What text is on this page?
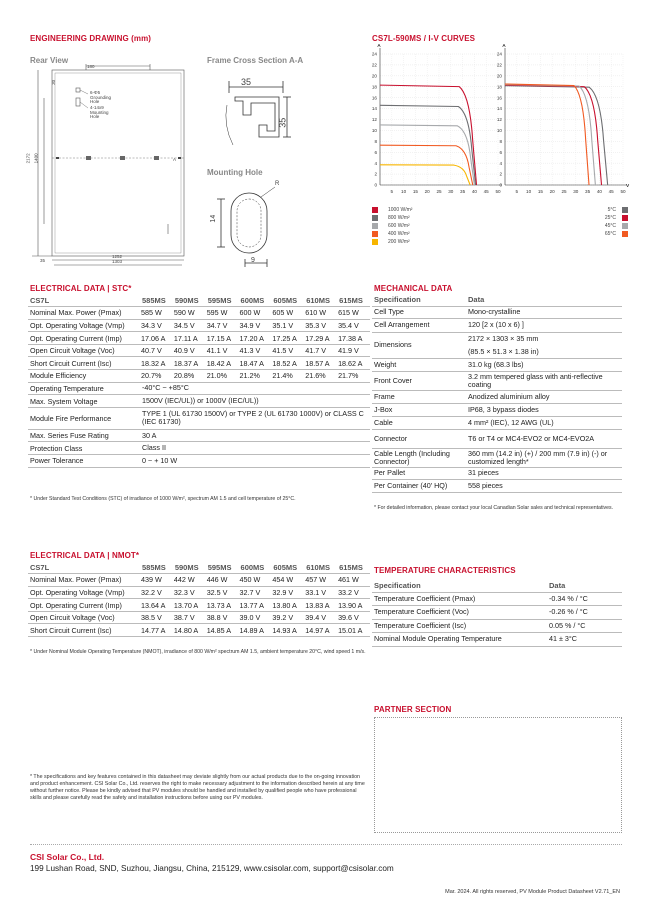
ENGINEERING DRAWING (mm)
Rear View	Frame Cross Section A-A
Mounting Hole
180
30
6-Φ5
Grounding
Hole
4-14x9
Mounting
Hole
2172 1400
1252
1303
35
A
35
35
14
9
R
CS7L-590MS / I-V CURVES
24
22
20
18
16
14
12
10
8
6
4
2
0
5 10 15 20 25 30 35 40 45 50
A
24
22
20
18
16
14
12
10
8
6
4
2
0
5 10 15 20 25 30 35 40 45 50
A
V
1000 W/m²
800 W/m²
600 W/m²
400 W/m²
200 W/m²
5°C
25°C
45°C
65°C
ELECTRICAL DATA | STC*
CS7L	585MS	590MS	595MS	600MS	605MS	610MS	615MS
Nominal Max. Power (Pmax)	585 W	590 W	595 W	600 W	605 W	610 W	615 W
Opt. Operating Voltage (Vmp)	34.3 V	34.5 V	34.7 V	34.9 V	35.1 V	35.3 V	35.4 V
Opt. Operating Current (Imp)	17.06 A	17.11 A	17.15 A	17.20 A	17.25 A	17.29 A	17.38 A
Open Circuit Voltage (Voc)	40.7 V	40.9 V	41.1 V	41.3 V	41.5 V	41.7 V	41.9 V
Short Circuit Current (Isc)	18.32 A	18.37 A	18.42 A	18.47 A	18.52 A	18.57 A	18.62 A
Module Efficiency	20.7%	20.8%	21.0%	21.2%	21.4%	21.6%	21.7%
Operating Temperature	-40°C ~ +85°C						
Max. System Voltage	1500V (IEC/UL)) or 1000V (IEC/UL))						
Module Fire Performance	TYPE 1 (UL 61730 1500V) or TYPE 2 (UL 61730 1000V) or CLASS C (IEC 61730)						
Max. Series Fuse Rating	30 A						
Protection Class	Class II						
Power Tolerance	0 ~ + 10 W						
* Under Standard Test Conditions (STC) of irradiance of 1000 W/m², spectrum AM 1.5 and cell temperature of 25°C.
MECHANICAL DATA
Specification	Data
Cell Type	Mono-crystalline

Cell Arrangement	120 [2 x (10 x 6) ]

Dimensions	2172 × 1303 × 35 mm
(85.5 × 51.3 × 1.38 in)

Weight	31.0 kg (68.3 lbs)

Front Cover	3.2 mm tempered glass with anti-reflective coating

Frame	Anodized aluminium alloy

J-Box	IP68, 3 bypass diodes

Cable	4 mm² (IEC), 12 AWG (UL)

Connector	T6 or T4 or MC4-EVO2 or MC4-EVO2A

Cable Length (Including Connector)	360 mm (14.2 in) (+) / 200 mm (7.9 in) (-) or customized length*

Per Pallet	31 pieces

Per Container (40' HQ)	558 pieces
* For detailed information, please contact your local Canadian Solar sales and technical representatives.
ELECTRICAL DATA | NMOT*
CS7L	585MS	590MS	595MS	600MS	605MS	610MS	615MS
Nominal Max. Power (Pmax)	439 W	442 W	446 W	450 W	454 W	457 W	461 W
Opt. Operating Voltage (Vmp)	32.2 V	32.3 V	32.5 V	32.7 V	32.9 V	33.1 V	33.2 V
Opt. Operating Current (Imp)	13.64 A	13.70 A	13.73 A	13.77 A	13.80 A	13.83 A	13.90 A
Open Circuit Voltage (Voc)	38.5 V	38.7 V	38.8 V	39.0 V	39.2 V	39.4 V	39.6 V
Short Circuit Current (Isc)	14.77 A	14.80 A	14.85 A	14.89 A	14.93 A	14.97 A	15.01 A
* Under Nominal Module Operating Temperature (NMOT), irradiance of 800 W/m² spectrum AM 1.5, ambient temperature 20°C, wind speed 1 m/s.
TEMPERATURE CHARACTERISTICS
Specification	Data
Temperature Coefficient (Pmax)	-0.34 % / °C

Temperature Coefficient (Voc)	-0.26 % / °C

Temperature Coefficient (Isc)	0.05 % / °C

Nominal Module Operating Temperature	41 ± 3°C
PARTNER SECTION
* The specifications and key features contained in this datasheet may deviate slightly from our actual products due to the on-going innovation and product enhancement. CSI Solar Co., Ltd. reserves the right to make necessary adjustment to the information described herein at any time without further notice. Please be kindly advised that PV modules should be handled and installed by qualified people who have professional skills and please carefully read the safety and installation instructions before using our PV modules.
CSI Solar Co., Ltd.
199 Lushan Road, SND, Suzhou, Jiangsu, China, 215129, www.csisolar.com, support@csisolar.com
Mar. 2024. All rights reserved, PV Module Product Datasheet V2.71_EN
